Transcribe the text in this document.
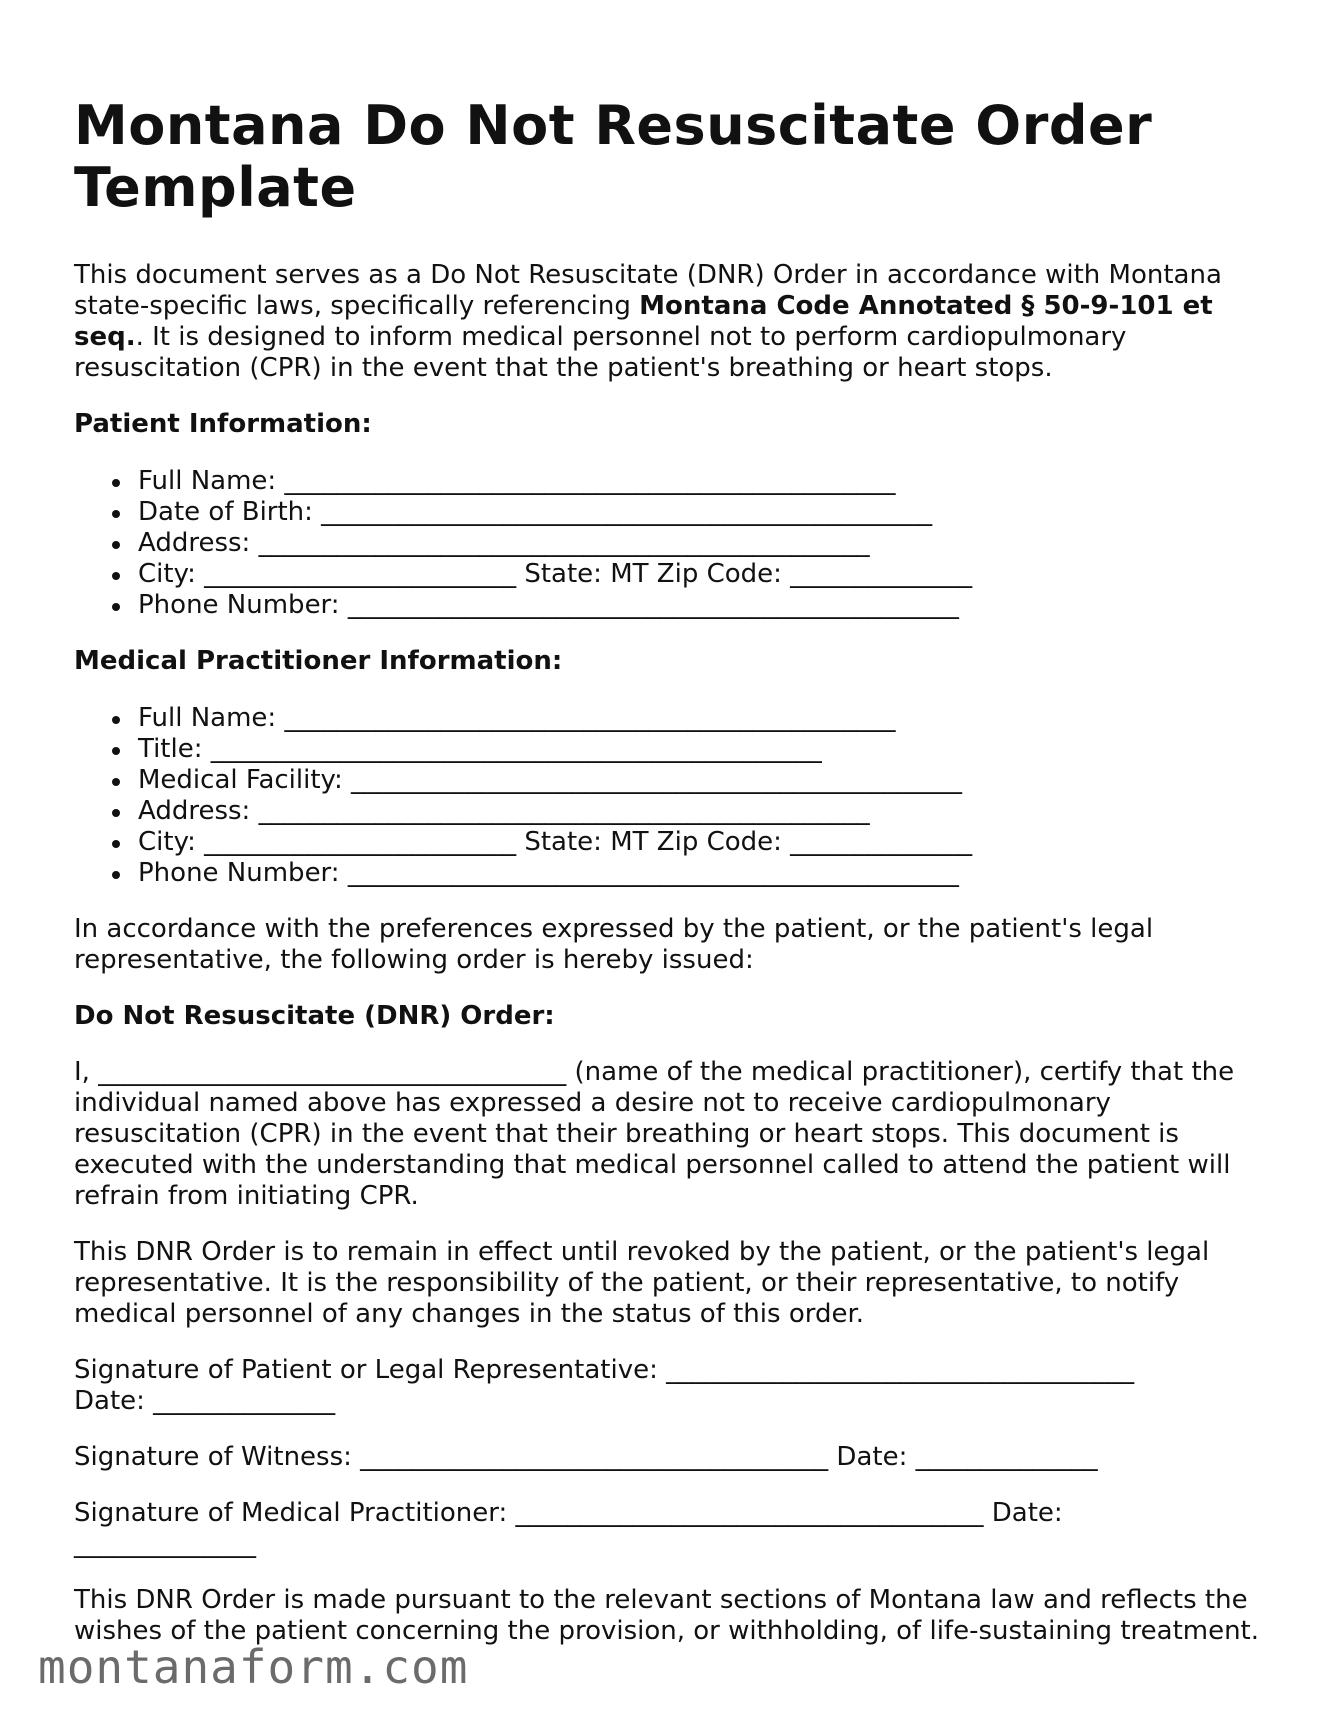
Montana Do Not Resuscitate Order Template

This document serves as a Do Not Resuscitate (DNR) Order in accordance with Montana state-specific laws, specifically referencing Montana Code Annotated § 50-9-101 et seq.. It is designed to inform medical personnel not to perform cardiopulmonary resuscitation (CPR) in the event that the patient's breathing or heart stops.

Patient Information:
Full Name: _______________________________________________
Date of Birth: _______________________________________________
Address: _______________________________________________
City: ________________________ State: MT Zip Code: ______________
Phone Number: _______________________________________________
Medical Practitioner Information:
Full Name: _______________________________________________
Title: _______________________________________________
Medical Facility: _______________________________________________
Address: _______________________________________________
City: ________________________ State: MT Zip Code: ______________
Phone Number: _______________________________________________

In accordance with the preferences expressed by the patient, or the patient's legal representative, the following order is hereby issued:

Do Not Resuscitate (DNR) Order:

I, ____________________________________ (name of the medical practitioner), certify that the individual named above has expressed a desire not to receive cardiopulmonary resuscitation (CPR) in the event that their breathing or heart stops. This document is executed with the understanding that medical personnel called to attend the patient will refrain from initiating CPR.

This DNR Order is to remain in effect until revoked by the patient, or the patient's legal representative. It is the responsibility of the patient, or their representative, to notify medical personnel of any changes in the status of this order.

Signature of Patient or Legal Representative: ____________________________________

Date: ______________

Signature of Witness: ____________________________________ Date: ______________

Signature of Medical Practitioner: ____________________________________ Date:

______________

This DNR Order is made pursuant to the relevant sections of Montana law and reflects the wishes of the patient concerning the provision, or withholding, of life-sustaining treatment.

montanaform.com
